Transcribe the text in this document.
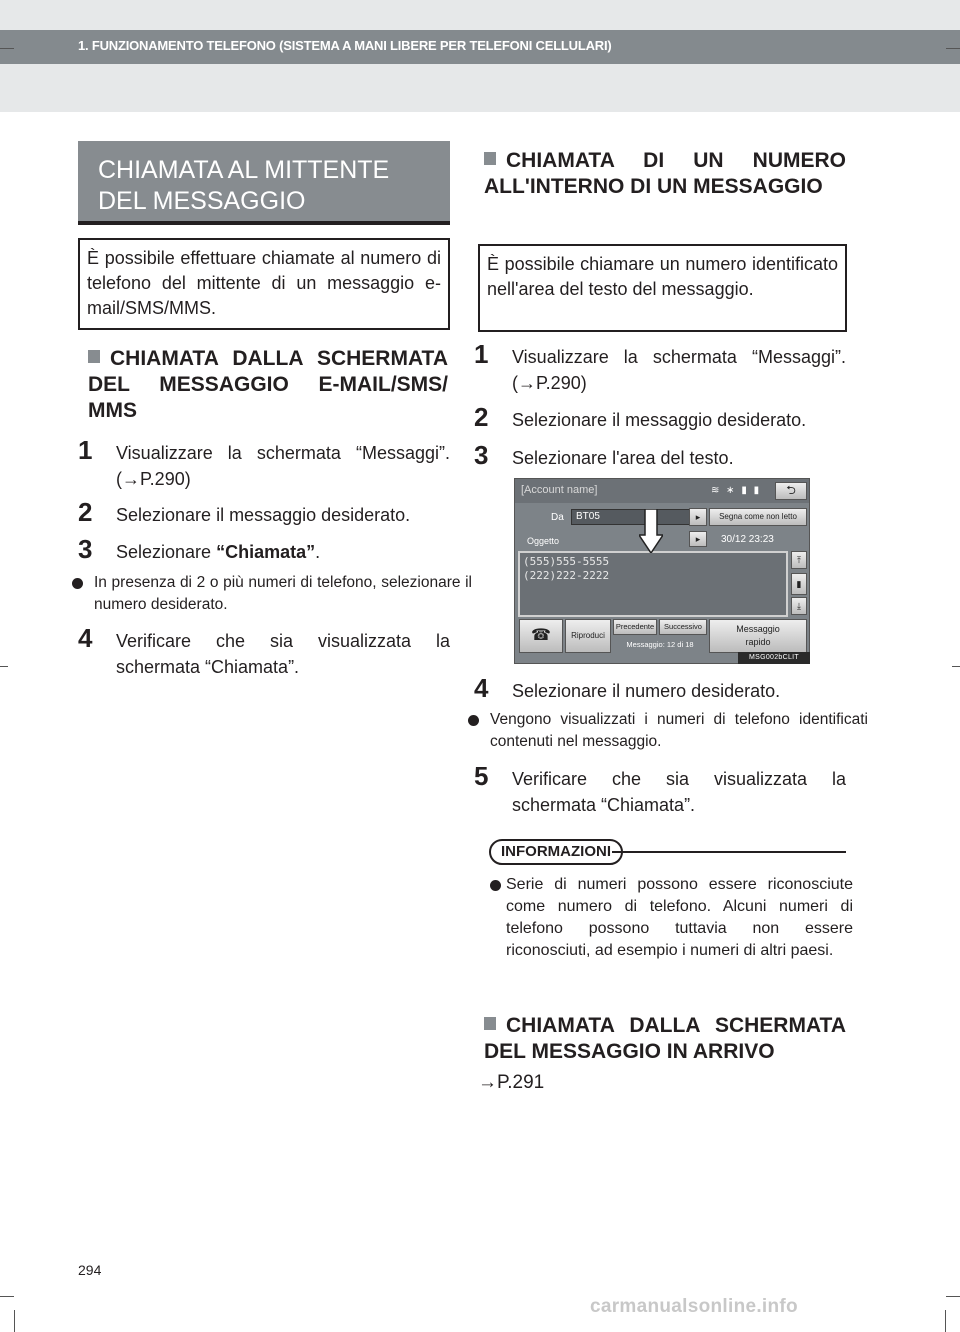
1. FUNZIONAMENTO TELEFONO (SISTEMA A MANI LIBERE PER TELEFONI CELLULARI)
CHIAMATA AL MITTENTE DEL MESSAGGIO
È possibile effettuare chiamate al numero di telefono del mittente di un messaggio e-mail/SMS/MMS.
CHIAMATA DALLA SCHERMATA DEL MESSAGGIO E-MAIL/SMS/ MMS
1	Visualizzare la schermata “Messaggi”. (→P.290)
2	Selezionare il messaggio desiderato.
3	Selezionare “Chiamata”.
In presenza di 2 o più numeri di telefono, selezionare il numero desiderato.
4	Verificare che sia visualizzata la schermata “Chiamata”.
CHIAMATA DI UN NUMERO ALL'INTERNO DI UN MESSAGGIO
È possibile chiamare un numero identificato nell'area del testo del messaggio.
1	Visualizzare la schermata “Messaggi”. (→P.290)
2	Selezionare il messaggio desiderato.
3	Selezionare l'area del testo.
[Account name]	≋ ∗ ▮ ▮	⮌
Da	BT05	▸	Segna come non letto
Oggetto	▸	30/12 23:23
(555)555-5555
(222)222-2222
⤒
▮
⤓
☎	Riproduci
Precedente	Successivo
Messaggio: 12 di 18
Messaggio
rapido
MSG002bCLIT
4	Selezionare il numero desiderato.
Vengono visualizzati i numeri di telefono identificati contenuti nel messaggio.
5	Verificare che sia visualizzata la schermata “Chiamata”.
INFORMAZIONI
Serie di numeri possono essere riconosciute come numero di telefono. Alcuni numeri di telefono possono tuttavia non essere riconosciuti, ad esempio i numeri di altri paesi.
CHIAMATA DALLA SCHERMATA DEL MESSAGGIO IN ARRIVO
→P.291
294
carmanualsonline.info
